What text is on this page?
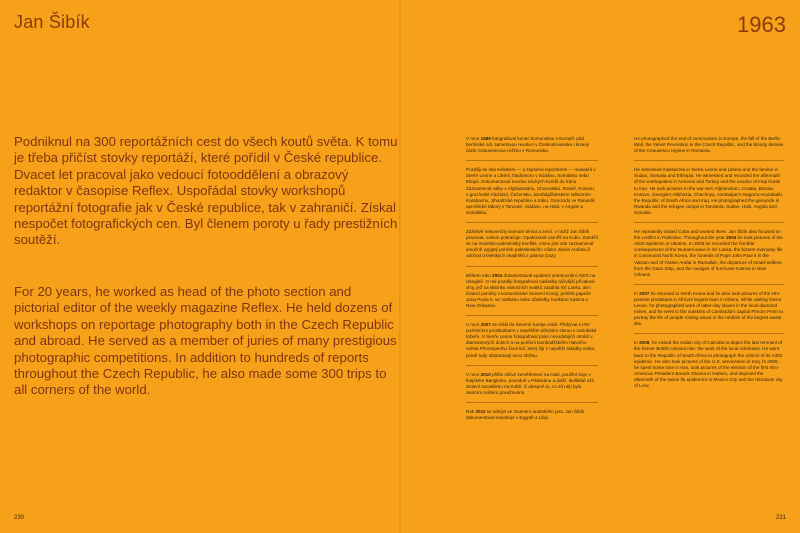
Jan Šibík

Podniknul na 300 reportážních cest do všech koutů světa. K tomu je třeba přičíst stovky reportáží, které pořídil v České republice. Dvacet let pracoval jako vedoucí fotooddělení a obrazový redaktor v časopise Reflex. Uspořádal stovky workshopů reportážní fotografie jak v České republice, tak v zahraničí. Získal nespočet fotografických cen. Byl členem poroty u řady prestižních soutěží.

For 20 years, he worked as head of the photo section and pictorial editor of the weekly magazine Reflex. He held dozens of workshops on reportage photography both in the Czech Republic and abroad. He served as a member of juries of many prestigious photographic competitions. In addition to hundreds of reports throughout the Czech Republic, he also made some 300 trips to all corners of the world.

230
1963
231

V roce 1989 fotografoval konec komunismu v Evropě: pád berlínské zdi, sametovou revoluci v Československu i krvavý zánik Ceaușescova režimu v Rumunsku.

Později se stal svědkem — a zejména reportérem — masakrů v Sierře Leone a Libérii, hladomoru v Súdánu, Somálsku nebo Etiopii. Dokumentoval exodus iráckých Kurdů do Íránu. Zaznamenal války v Afghánistánu, Chorvatsku, Bosně, Kosovu, v gruzínské Abcházii, Čečensku, ázerbájdžánském Náhorním Karabachu, Jihoafrické republice a Iráku. Genocidu ve Rwandě, uprchlické tábory v Tanzanii, Súdánu, na Haiti, v Angole a Somálsku.

Zdánlivě nekonečný seznam témat a zemí, v nichž Jan Šibík pracoval, ovšem pokračuje. Opakovaně zamířil na Kubu. Zaměřil se na izraelsko-palestinský konflikt, mimo jiné zde zaznamenal emočně vypjatý pohřeb palestinského vůdce Jásira Arafata či odchod izraelských osadníků z pásma Gazy.

Během roku 2004 dokumentoval epidemii onemocnění AIDS na Ukrajině. O rok později fotografoval následky ničivější přívalové vlny, jež na sklonku vánočních svátků zasáhla Srí Lanku, ale i bizarní poměry v komunistické Severní Koreji, pohřeb papeže Jana Pavla II. ve Vatikánu nebo důsledky hurikánu Katrina v New Orleansu.

V roce 2007 se vrátil do Severní Koreje vrátil. Přebýval s HIV pozitivními prostitutkami v největším africkém slumu v nairobské Kibeře. V Sierře Leone fotografoval práci novodobých otroků v diamantových dolech a na periferii kambodžského hlavního města Phnompenhu život lidí, který žijí z největší skládky světa, právě tady obstarávají svou obživu.

V roce 2010 přišlo ničivé zemětřesení na Haiti, použíní boje v thajském Bangkoku, povodně v Pákistánu a další. Ikolikáté užil drolení socialismu na Kubě, či alespoň to, co zů nějí bylo okolním světem považováno.

Rok 2011 se odvíjel ve znamení arabského jara. Jan Šibík dokumentoval nepokoje v Egyptě a Libyi.

He photographed the end of communism in Europe, the fall of the Berlin Wall, the Velvet Revolution in the Czech Republic, and the bloody demise of the Ceaușescu regime in Romania.

He witnessed massacres in Sierra Leone and Liberia and the famine in Sudan, Somalia and Ethiopia. He witnessed and recorded the aftermath of the earthquakes in Armenia and Turkey and the exodus of Iraqi Kurds to Iran. He took pictures in the war-torn Afghanistan, Croatia, Bosnia, Kosovo, Georgia's Abkhazia, Chechnya, Azerbaijan's Nagorno-Karabakh, the Republic of South Africa and Iraq. He photographed the genocide in Rwanda and the refugee camps in Tanzania, Sudan, Haiti, Angola and Somalia.

He repeatedly visited Cuba and worked there. Jan Šibík also focused on the conflict in Palestine. Throughout the year 2004 he took pictures of the AIDS epidemic in Ukraine. In 2005 he recorded the horrible consequences of the tsunami wave in Sri Lanka, the bizarre everyday life in communist North Korea, the funerals of Pope John Paul II in the Vatican and of Yasser Arafat in Ramallah, the departure of Israeli settlers from the Gaza Strip, and the ravages of hurricane Katrina in New Orleans.

In 2007 he returned to North Korea and he also took pictures of the HIV-positive prostitutes in Africa's largest slum in Kibera. While visiting Sierra Leone, he photographed work of latter-day slaves in the local diamond mines, and he went to the outskirts of Cambodia's capital Phnom Penh to portray the life of people rooting about in the rubbish of the largest waste site.

In 2008, he visited the Indian city of Calcutta to depict the last remnant of the former British colonial rule: the work of the local rickshaws. He went back to the Republic of South Africa to photograph the victims of its AIDS epidemic. He also took pictures of the U.S. servicemen in Iraq. In 2009, he spent some time in Iran, took pictures of the election of the first Afro-American President Barack Obama in Harlem, and depicted the aftermath of the swine flu epidemics in Mexico City and the Ukrainian city of Lvov.
